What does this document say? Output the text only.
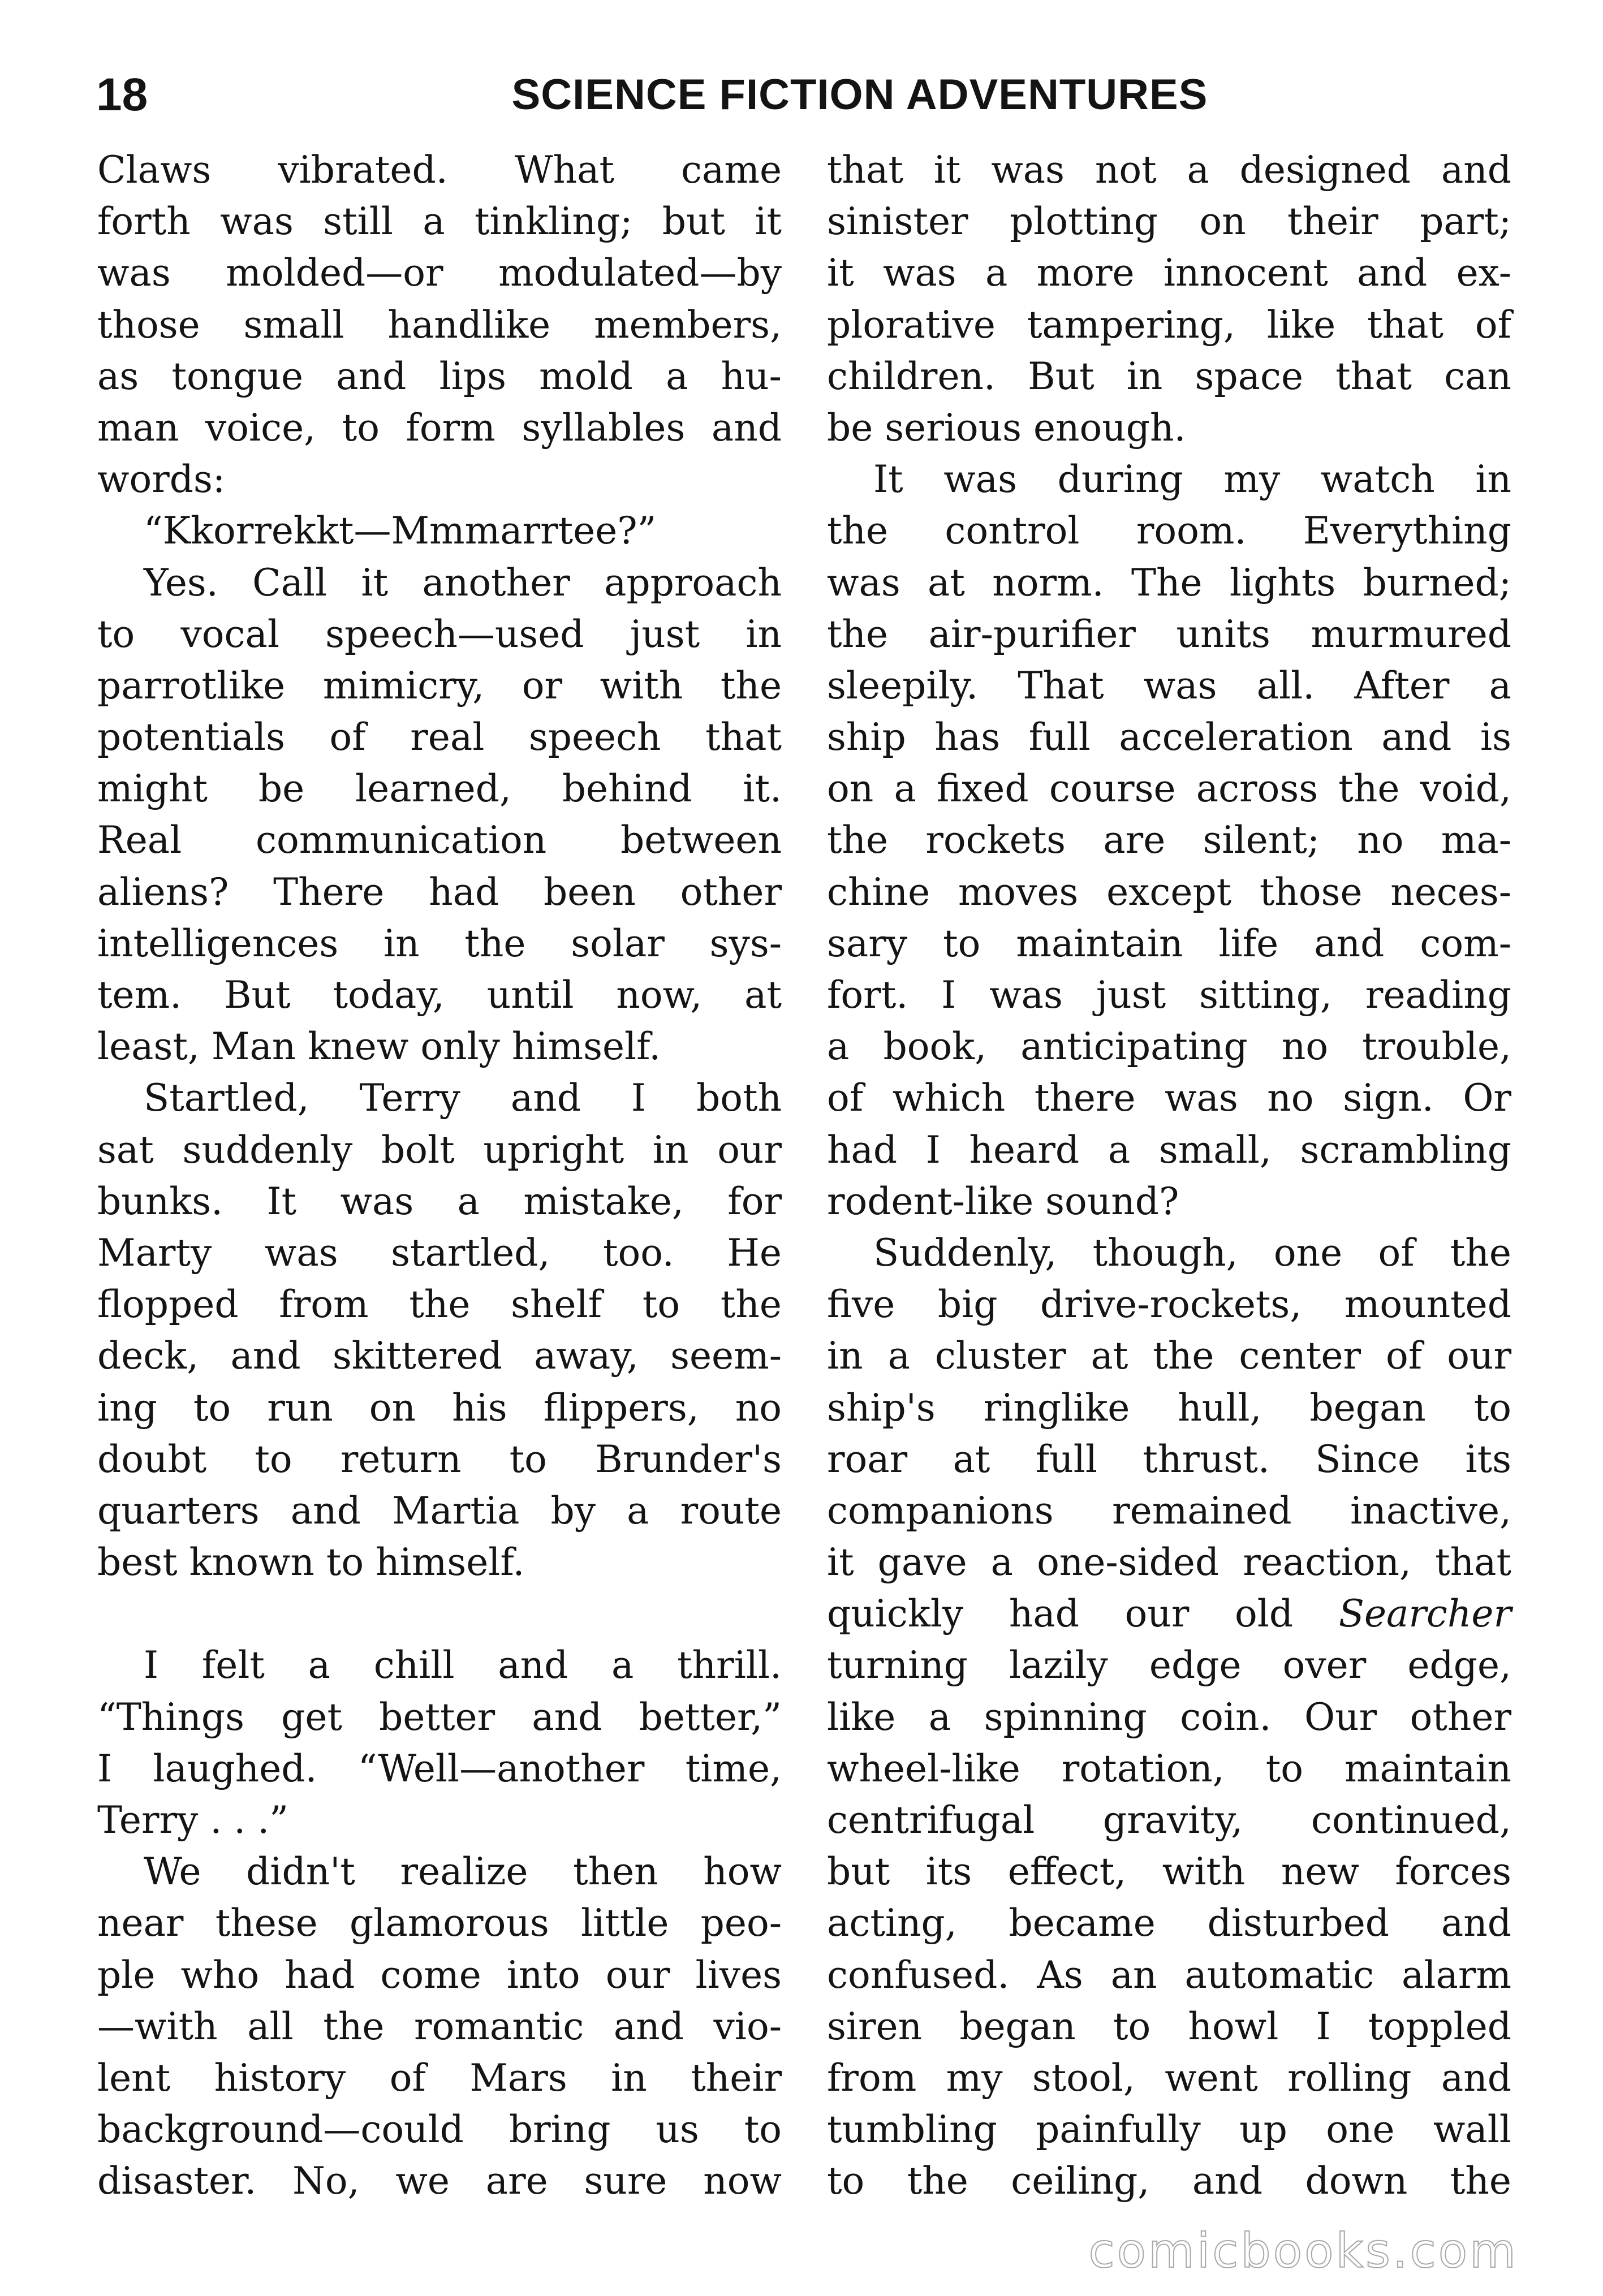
18	SCIENCE FICTION ADVENTURES
Claws vibrated. What came
forth was still a tinkling; but it
was molded—or modulated—by
those small handlike members,
as tongue and lips mold a hu-
man voice, to form syllables and
words:
“Kkorrekkt—Mmmarrtee?”
Yes. Call it another approach
to vocal speech—used just in
parrotlike mimicry, or with the
potentials of real speech that
might be learned, behind it.
Real communication between
aliens? There had been other
intelligences in the solar sys-
tem. But today, until now, at
least, Man knew only himself.
Startled, Terry and I both
sat suddenly bolt upright in our
bunks. It was a mistake, for
Marty was startled, too. He
flopped from the shelf to the
deck, and skittered away, seem-
ing to run on his flippers, no
doubt to return to Brunder's
quarters and Martia by a route
best known to himself.
I felt a chill and a thrill.
“Things get better and better,”
I laughed. “Well—another time,
Terry . . .”
We didn't realize then how
near these glamorous little peo-
ple who had come into our lives
—with all the romantic and vio-
lent history of Mars in their
background—could bring us to
disaster. No, we are sure now
that it was not a designed and
sinister plotting on their part;
it was a more innocent and ex-
plorative tampering, like that of
children. But in space that can
be serious enough.
It was during my watch in
the control room. Everything
was at norm. The lights burned;
the air-purifier units murmured
sleepily. That was all. After a
ship has full acceleration and is
on a fixed course across the void,
the rockets are silent; no ma-
chine moves except those neces-
sary to maintain life and com-
fort. I was just sitting, reading
a book, anticipating no trouble,
of which there was no sign. Or
had I heard a small, scrambling
rodent-like sound?
Suddenly, though, one of the
five big drive-rockets, mounted
in a cluster at the center of our
ship's ringlike hull, began to
roar at full thrust. Since its
companions remained inactive,
it gave a one-sided reaction, that
quickly had our old Searcher
turning lazily edge over edge,
like a spinning coin. Our other
wheel-like rotation, to maintain
centrifugal gravity, continued,
but its effect, with new forces
acting, became disturbed and
confused. As an automatic alarm
siren began to howl I toppled
from my stool, went rolling and
tumbling painfully up one wall
to the ceiling, and down the
comicbooks.com
